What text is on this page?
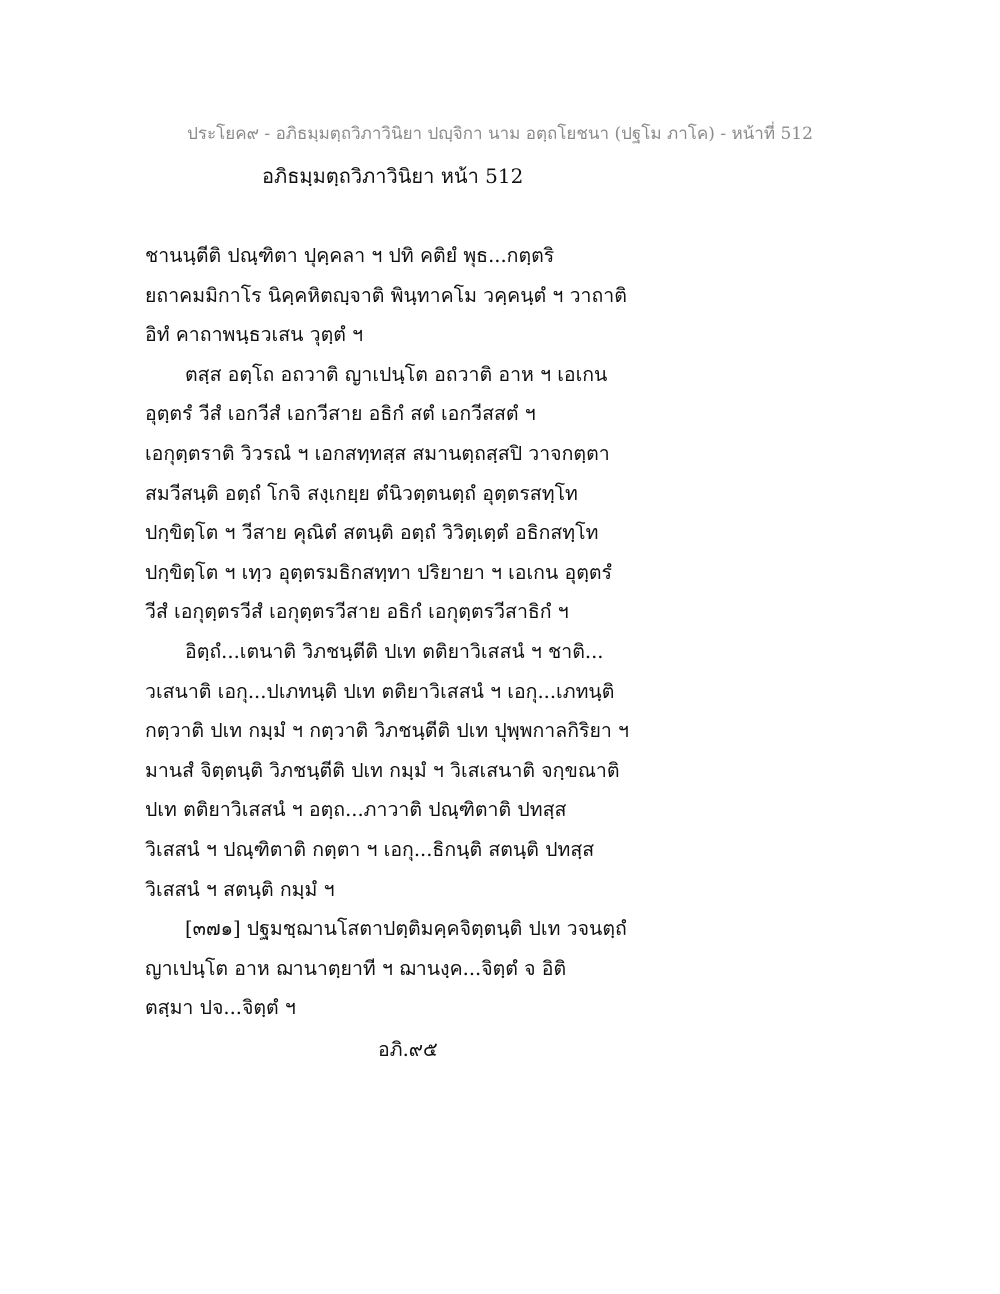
ประโยค๙ - อภิธมฺมตฺถวิภาวินิยา ปญฺจิกา นาม อตฺถโยชนา (ปฐโม ภาโค) - หน้าที่ 512
อภิธมฺมตฺถวิภาวินิยา หน้า 512
ชานนฺตีติ ปณฺฑิตา ปุคฺคลา ฯ ปทิ คติยํ พุธ...กตฺตริ
ยถาคมมิกาโร นิคฺคหิตญฺจาติ พินฺทาคโม วคฺคนฺตํ ฯ วาถาติ
อิทํ คาถาพนฺธวเสน วุตฺตํ ฯ
ตสฺส อตฺโถ อถวาติ ญาเปนฺโต อถวาติ อาห ฯ เอเกน
อุตฺตรํ วีสํ เอกวีสํ เอกวีสาย อธิกํ สตํ เอกวีสสตํ ฯ
เอกุตฺตราติ วิวรณํ ฯ เอกสทฺทสฺส สมานตฺถสฺสปิ วาจกตฺตา
สมวีสนฺติ อตฺถํ โกจิ สงฺเกยฺย ตํนิวตฺตนตฺถํ อุตฺตรสทฺโท
ปกฺขิตฺโต ฯ วีสาย คุณิตํ สตนฺติ อตฺถํ วิวิตฺเตฺตํ อธิกสทฺโท
ปกฺขิตฺโต ฯ เทฺว อุตฺตรมธิกสทฺทา ปริยายา ฯ เอเกน อุตฺตรํ
วีสํ เอกุตฺตรวีสํ เอกุตฺตรวีสาย อธิกํ เอกุตฺตรวีสาธิกํ ฯ
อิตฺถํ...เตนาติ วิภชนฺตีติ ปเท ตติยาวิเสสนํ ฯ ชาติ...
วเสนาติ เอกุ...ปเภทนฺติ ปเท ตติยาวิเสสนํ ฯ เอกุ...เภทนฺติ
กตฺวาติ ปเท กมฺมํ ฯ กตฺวาติ วิภชนฺตีติ ปเท ปุพฺพกาลกิริยา ฯ
มานสํ จิตฺตนฺติ วิภชนฺตีติ ปเท กมฺมํ ฯ วิเสเสนาติ จกฺขณาติ
ปเท ตติยาวิเสสนํ ฯ อตฺถ...ภาวาติ ปณฺฑิตาติ ปทสฺส
วิเสสนํ ฯ ปณฺฑิตาติ กตฺตา ฯ เอกุ...ธิกนฺติ สตนฺติ ปทสฺส
วิเสสนํ ฯ สตนฺติ กมฺมํ ฯ
[๓๗๑] ปฐมชฺฌานโสตาปตฺติมคฺคจิตฺตนฺติ ปเท วจนตฺถํ
ญาเปนฺโต อาห ฌานาตฺยาที ฯ ฌานงฺค...จิตฺตํ จ อิติ
ตสฺมา ปจ...จิตฺตํ ฯ
อภิ.๙๕
